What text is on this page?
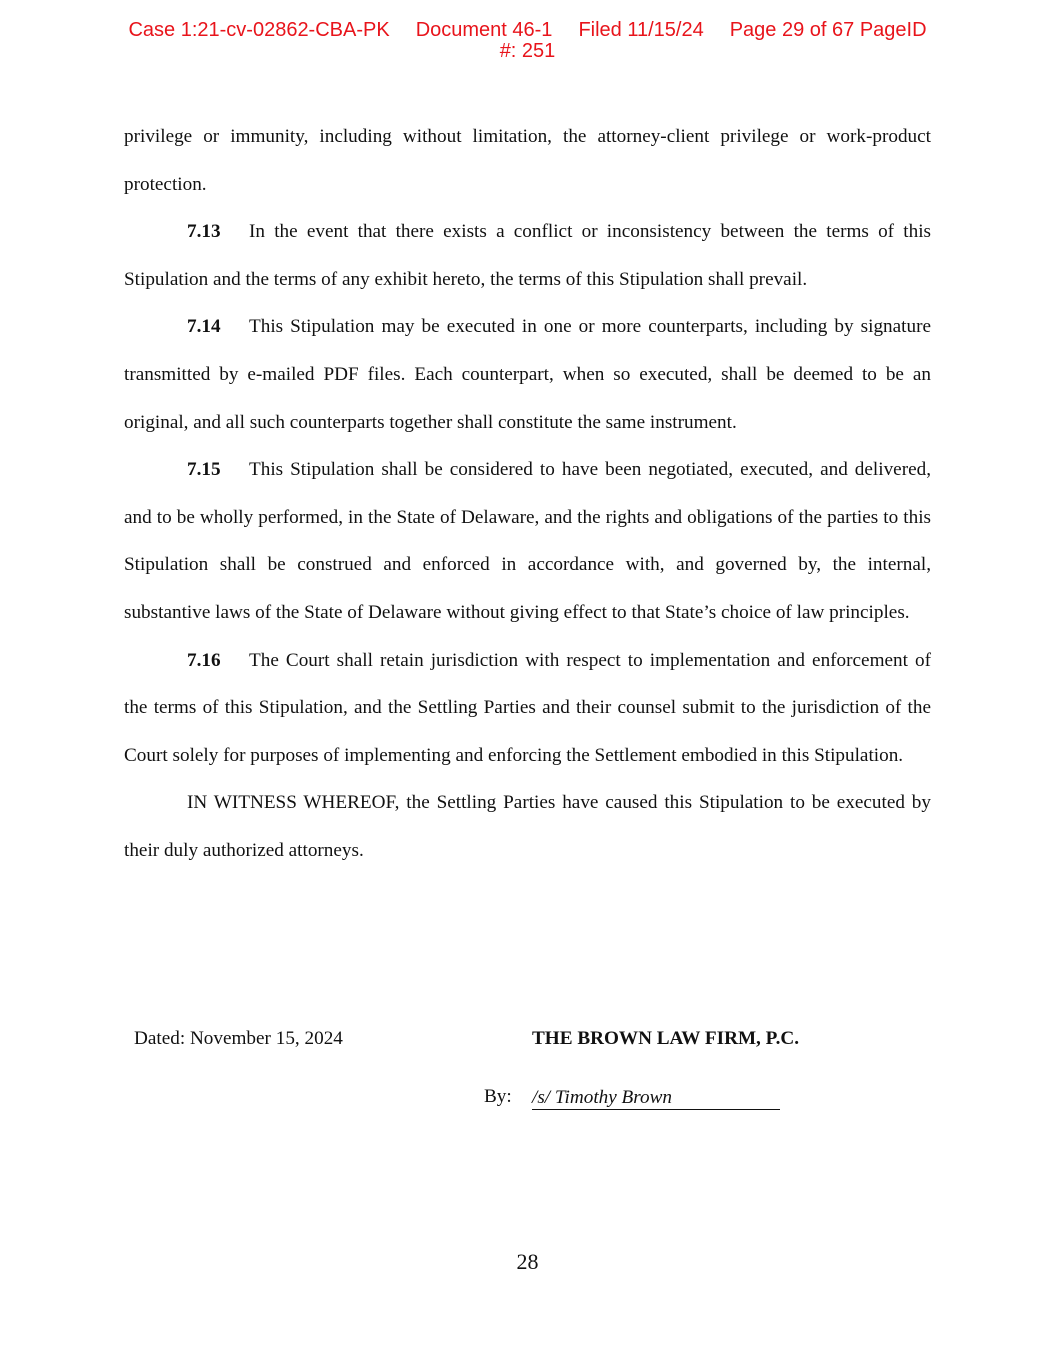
Case 1:21-cv-02862-CBA-PK Document 46-1 Filed 11/15/24 Page 29 of 67 PageID
#: 251

privilege or immunity, including without limitation, the attorney-client privilege or work-product protection.

7.13 In the event that there exists a conflict or inconsistency between the terms of this Stipulation and the terms of any exhibit hereto, the terms of this Stipulation shall prevail.

7.14 This Stipulation may be executed in one or more counterparts, including by signature transmitted by e-mailed PDF files. Each counterpart, when so executed, shall be deemed to be an original, and all such counterparts together shall constitute the same instrument.

7.15 This Stipulation shall be considered to have been negotiated, executed, and delivered, and to be wholly performed, in the State of Delaware, and the rights and obligations of the parties to this Stipulation shall be construed and enforced in accordance with, and governed by, the internal, substantive laws of the State of Delaware without giving effect to that State’s choice of law principles.

7.16 The Court shall retain jurisdiction with respect to implementation and enforcement of the terms of this Stipulation, and the Settling Parties and their counsel submit to the jurisdiction of the Court solely for purposes of implementing and enforcing the Settlement embodied in this Stipulation.

IN WITNESS WHEREOF, the Settling Parties have caused this Stipulation to be executed by their duly authorized attorneys.

Dated: November 15, 2024	THE BROWN LAW FIRM, P.C.
By: /s/ Timothy Brown
28
